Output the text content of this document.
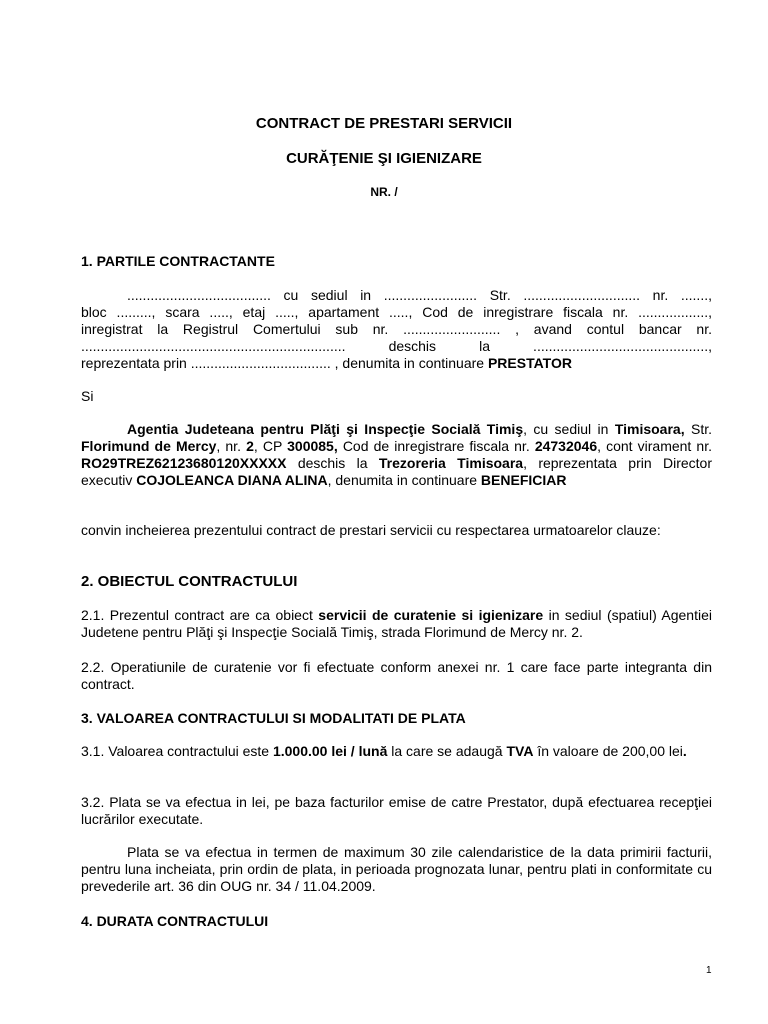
CONTRACT DE PRESTARI SERVICII
CURĂŢENIE ŞI IGIENIZARE
NR. /
1. PARTILE CONTRACTANTE
..................................... cu sediul in ........................ Str. .............................. nr. .......,
bloc ........., scara ....., etaj ....., apartament ....., Cod de inregistrare fiscala nr. ..................,
inregistrat la Registrul Comertului sub nr. ......................... , avand contul bancar nr.
.................................................................... deschis la .............................................,
reprezentata prin .................................... , denumita in continuare PRESTATOR
Si
Agentia Judeteana pentru Plăţi şi Inspecţie Socială Timiş, cu sediul in Timisoara, Str. Florimund de Mercy, nr. 2, CP 300085, Cod de inregistrare fiscala nr. 24732046, cont virament nr. RO29TREZ62123680120XXXXX deschis la Trezoreria Timisoara, reprezentata prin Director executiv COJOLEANCA DIANA ALINA, denumita in continuare BENEFICIAR
convin incheierea prezentului contract de prestari servicii cu respectarea urmatoarelor clauze:
2. OBIECTUL CONTRACTULUI
2.1. Prezentul contract are ca obiect servicii de curatenie si igienizare in sediul (spatiul) Agentiei Judetene pentru Plăţi şi Inspecţie Socială Timiş, strada Florimund de Mercy nr. 2.
2.2. Operatiunile de curatenie vor fi efectuate conform anexei nr. 1 care face parte integranta din contract.
3. VALOAREA CONTRACTULUI SI MODALITATI DE PLATA
3.1. Valoarea contractului este 1.000.00 lei / lună la care se adaugă TVA în valoare de 200,00 lei.
3.2. Plata se va efectua in lei, pe baza facturilor emise de catre Prestator, după efectuarea recepţiei lucrărilor executate.
Plata se va efectua in termen de maximum 30 zile calendaristice de la data primirii facturii, pentru luna incheiata, prin ordin de plata, in perioada prognozata lunar, pentru plati in conformitate cu prevederile art. 36 din OUG nr. 34 / 11.04.2009.
4. DURATA CONTRACTULUI
1
